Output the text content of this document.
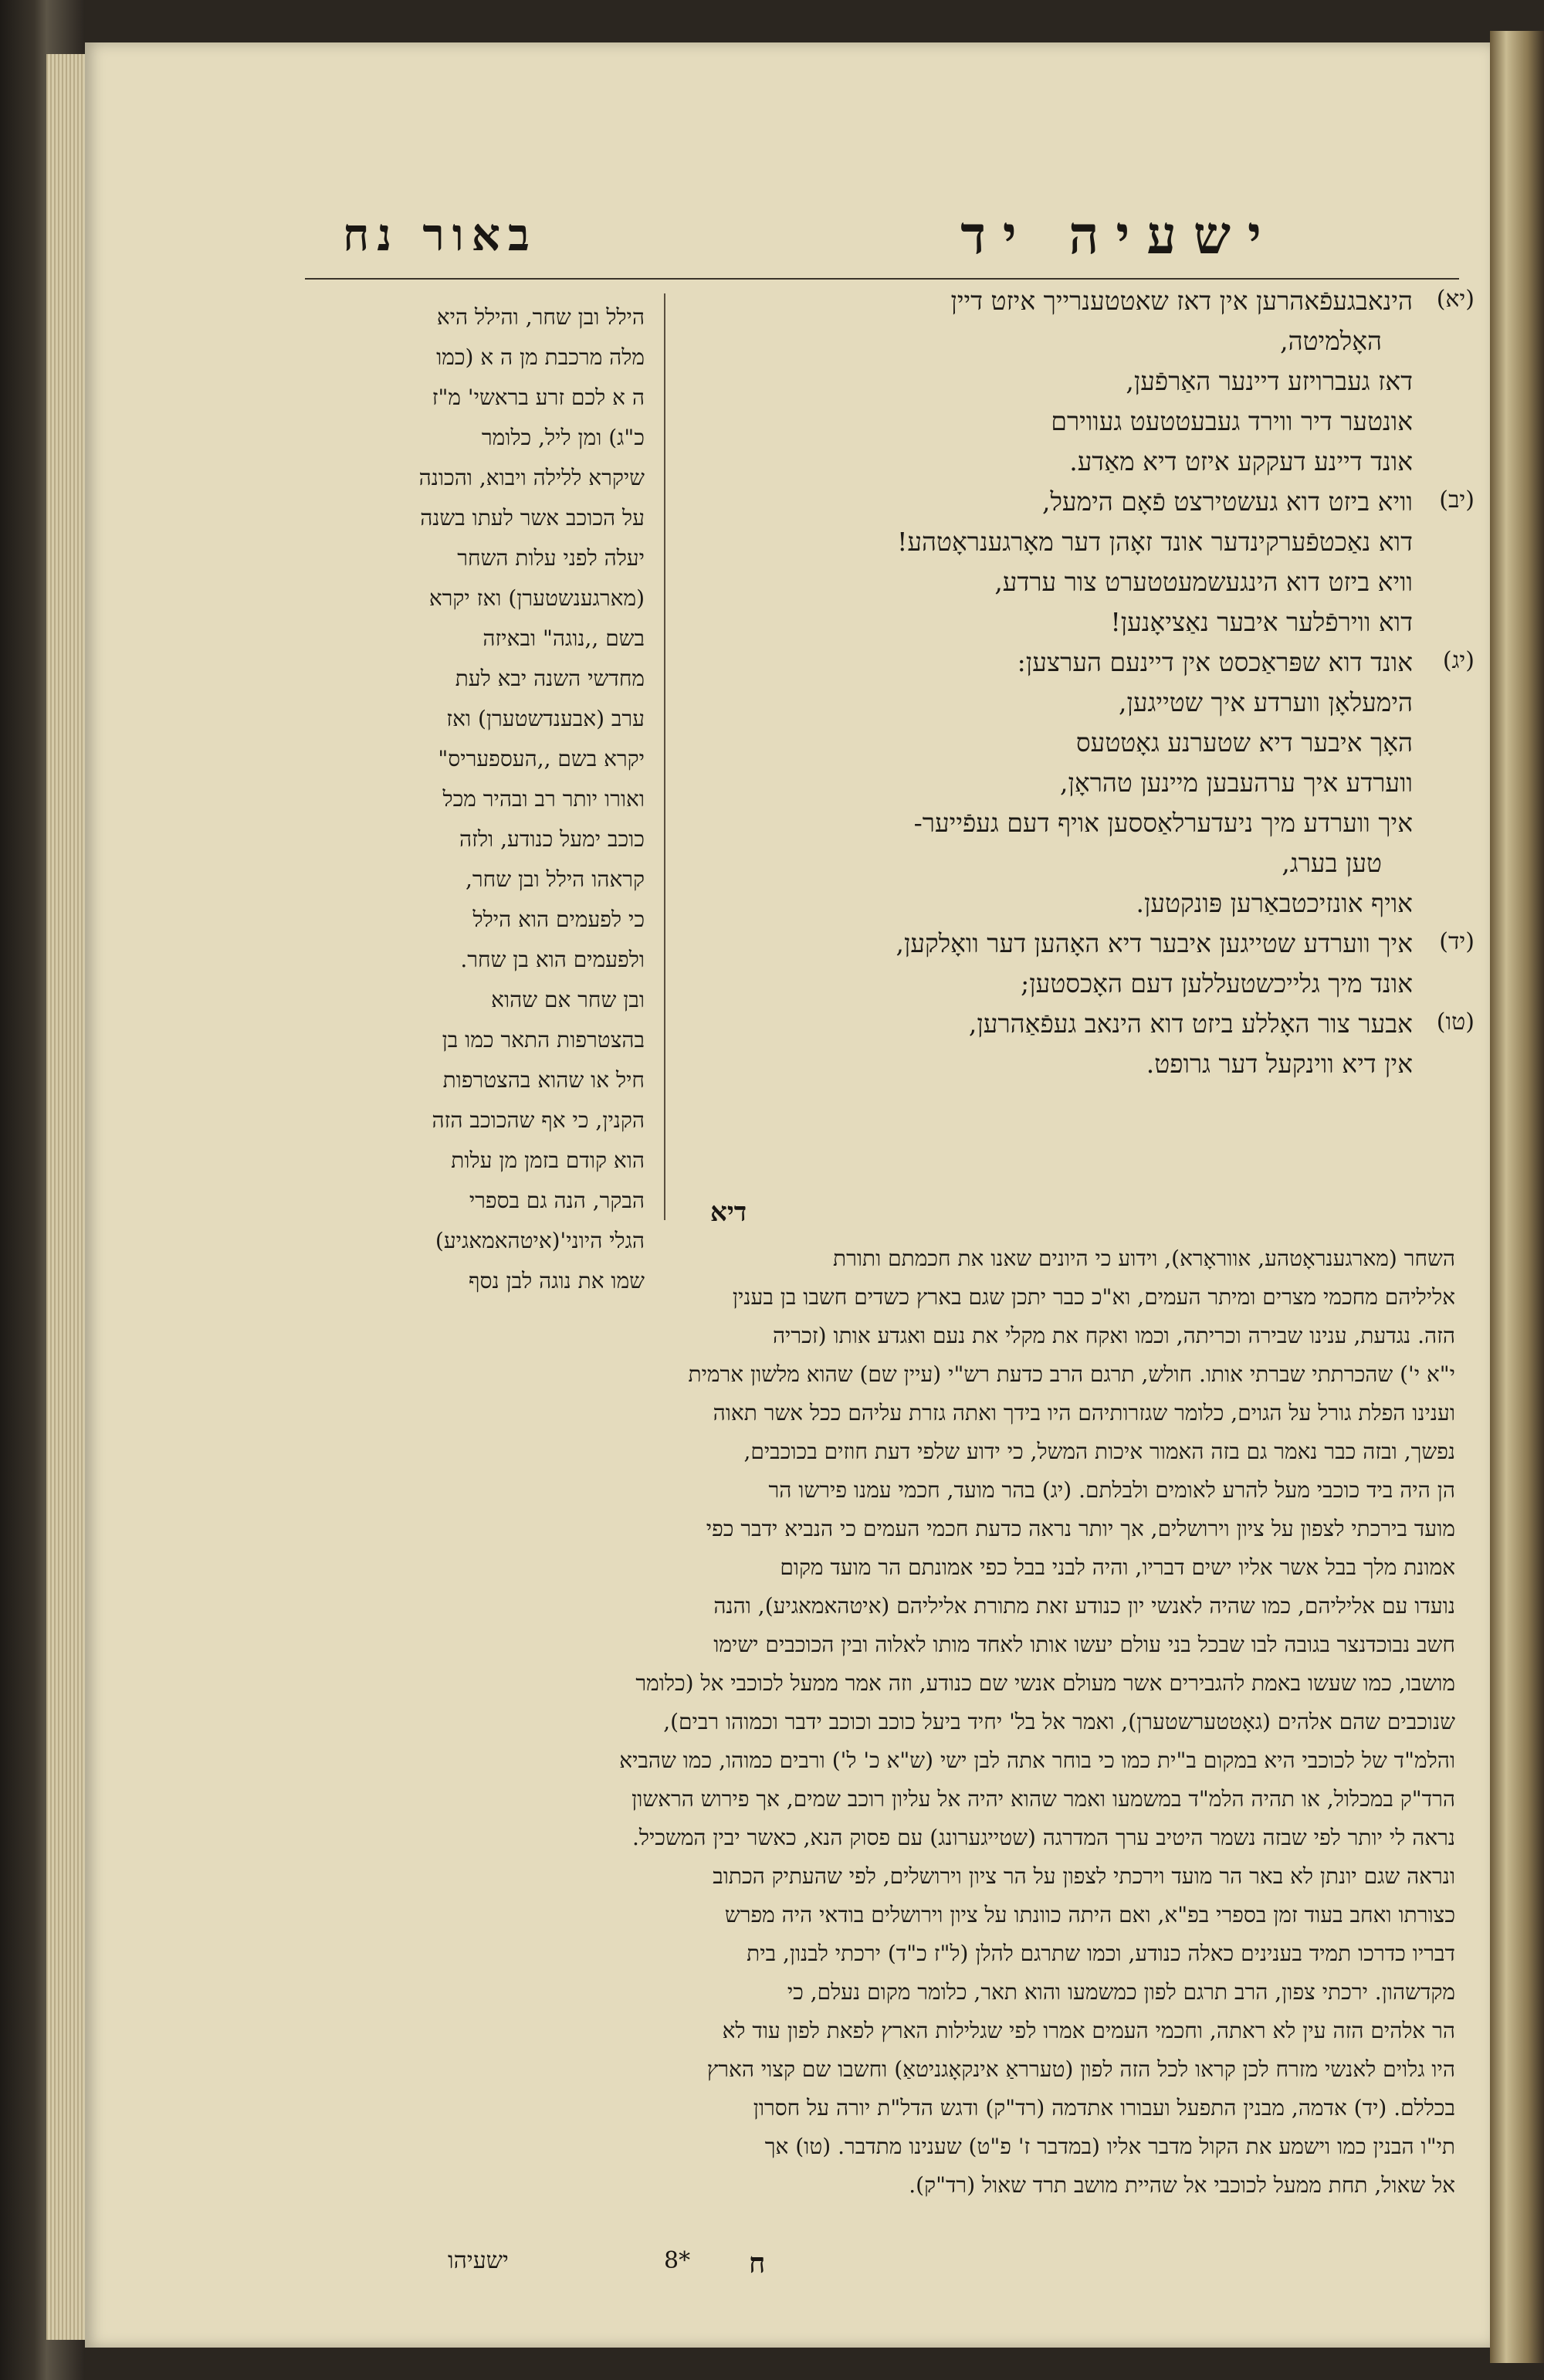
באור נח	ישעיה יד
הילל ובן שחר, והילל היא
מלה מרכבת מן ה א (כמו
ה א לכם זרע בראשי' מ"ז
כ"ג) ומן ליל, כלומר
שיקרא ללילה ויבוא, והכונה
על הכוכב אשר לעתו בשנה
יעלה לפני עלות השחר
(מארגענשטערן) ואז יקרא
בשם ,,נוגה" ובאיזה
מחדשי השנה יבא לעת
ערב (אבענדשטערן) ואז
יקרא בשם ,,העספעריס"
ואורו יותר רב ובהיר מכל
כוכב ימעל כנודע, ולזה
קראהו הילל ובן שחר,
כי לפעמים הוא הילל
ולפעמים הוא בן שחר.
ובן שחר אם שהוא
בהצטרפות התאר כמו בן
חיל או שהוא בהצטרפות
הקנין, כי אף שהכוכב הזה
הוא קודם בזמן מן עלות
הבקר, הנה גם בספרי
הגלי היוני'(איטהאמאגיע)
שמו את נוגה לבן נסף
(יא)
הינאבגעפֿאהרען אין דאז שאטטענרייך איזט דיין
האָלמיטה,
דאז געברויזע דיינער האַרפֿען,
אונטער דיר ווירד געבעטטעט געווירם
אונד דיינע דעקקע איזט דיא מאַדע.
(יב)
וויא ביזט דוא געשטירצט פֿאָם הימעל,
דוא נאַכטפֿערקינדער אונד זאָהן דער מאָרגענראָטהע!
וויא ביזט דוא הינגעשמעטטערט צור ערדע,
דוא ווירפֿלער איבער נאַציאָנען!
(יג)
אונד דוא שפּראַכסט אין דיינעם הערצען:
הימעלאָן ווערדע איך שטייגען,
האָך איבער דיא שטערנע גאָטטעס
ווערדע איך ערהעבען מיינען טהראָן,
איך ווערדע מיך ניעדערלאַססען אויף דעם געפֿייער-
טען בערג,
אויף אונזיכטבאַרען פּונקטען.
(יד)
איך ווערדע שטייגען איבער דיא האָהען דער וואָלקען,
אונד מיך גלייכשטעללען דעם האָכסטען;
(טו)
אבער צור האָללע ביזט דוא הינאב געפֿאַהרען,
אין דיא ווינקעל דער גרופט.
דיא
השחר (מארגענראָטהע, אווראָרא), וידוע כי היונים שאנו את חכמתם ותורת
אליליהם מחכמי מצרים ומיתר העמים, וא"כ כבר יתכן שגם בארץ כשדים חשבו בן בענין
הזה. נגדעת, ענינו שבירה וכריתה, וכמו ואקח את מקלי את נעם ואגדע אותו (זכריה
י"א י') שהכרתתי שברתי אותו. חולש, תרגם הרב כדעת רש"י (עיין שם) שהוא מלשון ארמית
וענינו הפלת גורל על הגוים, כלומר שגזרותיהם היו בידך ואתה גזרת עליהם ככל אשר תאוה
נפשך, ובזה כבר נאמר גם בזה האמור איכות המשל, כי ידוע שלפי דעת חוזים בכוכבים,
הן היה ביד כוכבי מעל להרע לאומים ולבלתם. (יג) בהר מועד, חכמי עמנו פירשו הר
מועד בירכתי לצפון על ציון וירושלים, אך יותר נראה כדעת חכמי העמים כי הנביא ידבר כפי
אמונת מלך בבל אשר אליו ישים דבריו, והיה לבני בבל כפי אמונתם הר מועד מקום
נועדו עם אליליהם, כמו שהיה לאנשי יון כנודע זאת מתורת אליליהם (איטהאמאגיע), והנה
חשב נבוכדנצר בגובה לבו שבכל בני עולם יעשו אותו לאחד מותו לאלוה ובין הכוכבים ישימו
מושבו, כמו שעשו באמת להגבירים אשר מעולם אנשי שם כנודע, וזה אמר ממעל לכוכבי אל (כלומר
שנוכבים שהם אלהים (גאָטטערשטערן), ואמר אל בל' יחיד ביעל כוכב וכוכב ידבר וכמוהו רבים),
והלמ"ד של לכוכבי היא במקום ב"ית כמו כי בוחר אתה לבן ישי (ש"א כ' ל') ורבים כמוהו, כמו שהביא
הרד"ק במכלול, או תהיה הלמ"ד במשמעו ואמר שהוא יהיה אל עליון רוכב שמים, אך פירוש הראשון
נראה לי יותר לפי שבזה נשמר היטיב ערך המדרגה (שטייגערונג) עם פסוק הנא, כאשר יבין המשכיל.
ונראה שגם יונתן לא באר הר מועד וירכתי לצפון על הר ציון וירושלים, לפי שהעתיק הכתוב
כצורתו ואחב בעוד זמן בספרי בפ"א, ואם היתה כוונתו על ציון וירושלים בודאי היה מפרש
דבריו כדרכו תמיד בענינים כאלה כנודע, וכמו שתרגם להלן (ל"ז כ"ד) ירכתי לבנון, בית
מקדשהון. ירכתי צפון, הרב תרגם לפון כמשמעו והוא תאר, כלומר מקום נעלם, כי
הר אלהים הזה עין לא ראתה, וחכמי העמים אמרו לפי שגלילות הארץ לפאת לפון עוד לא
היו גלוים לאנשי מזרח לכן קראו לכל הזה לפון (טערראַ אינקאָגניטאַ) וחשבו שם קצוי הארץ
בכללם. (יד) אדמה, מבנין התפעל ועבורו אתדמה (רד"ק) ודגש הדל"ת יורה על חסרון
תי"ו הבנין כמו וישמע את הקול מדבר אליו (במדבר ז' פ"ט) שענינו מתדבר. (טו) אך
אל שאול, תחת ממעל לכוכבי אל שהיית מושב תרד שאול (רד"ק).
ישעיהו	8* ח
